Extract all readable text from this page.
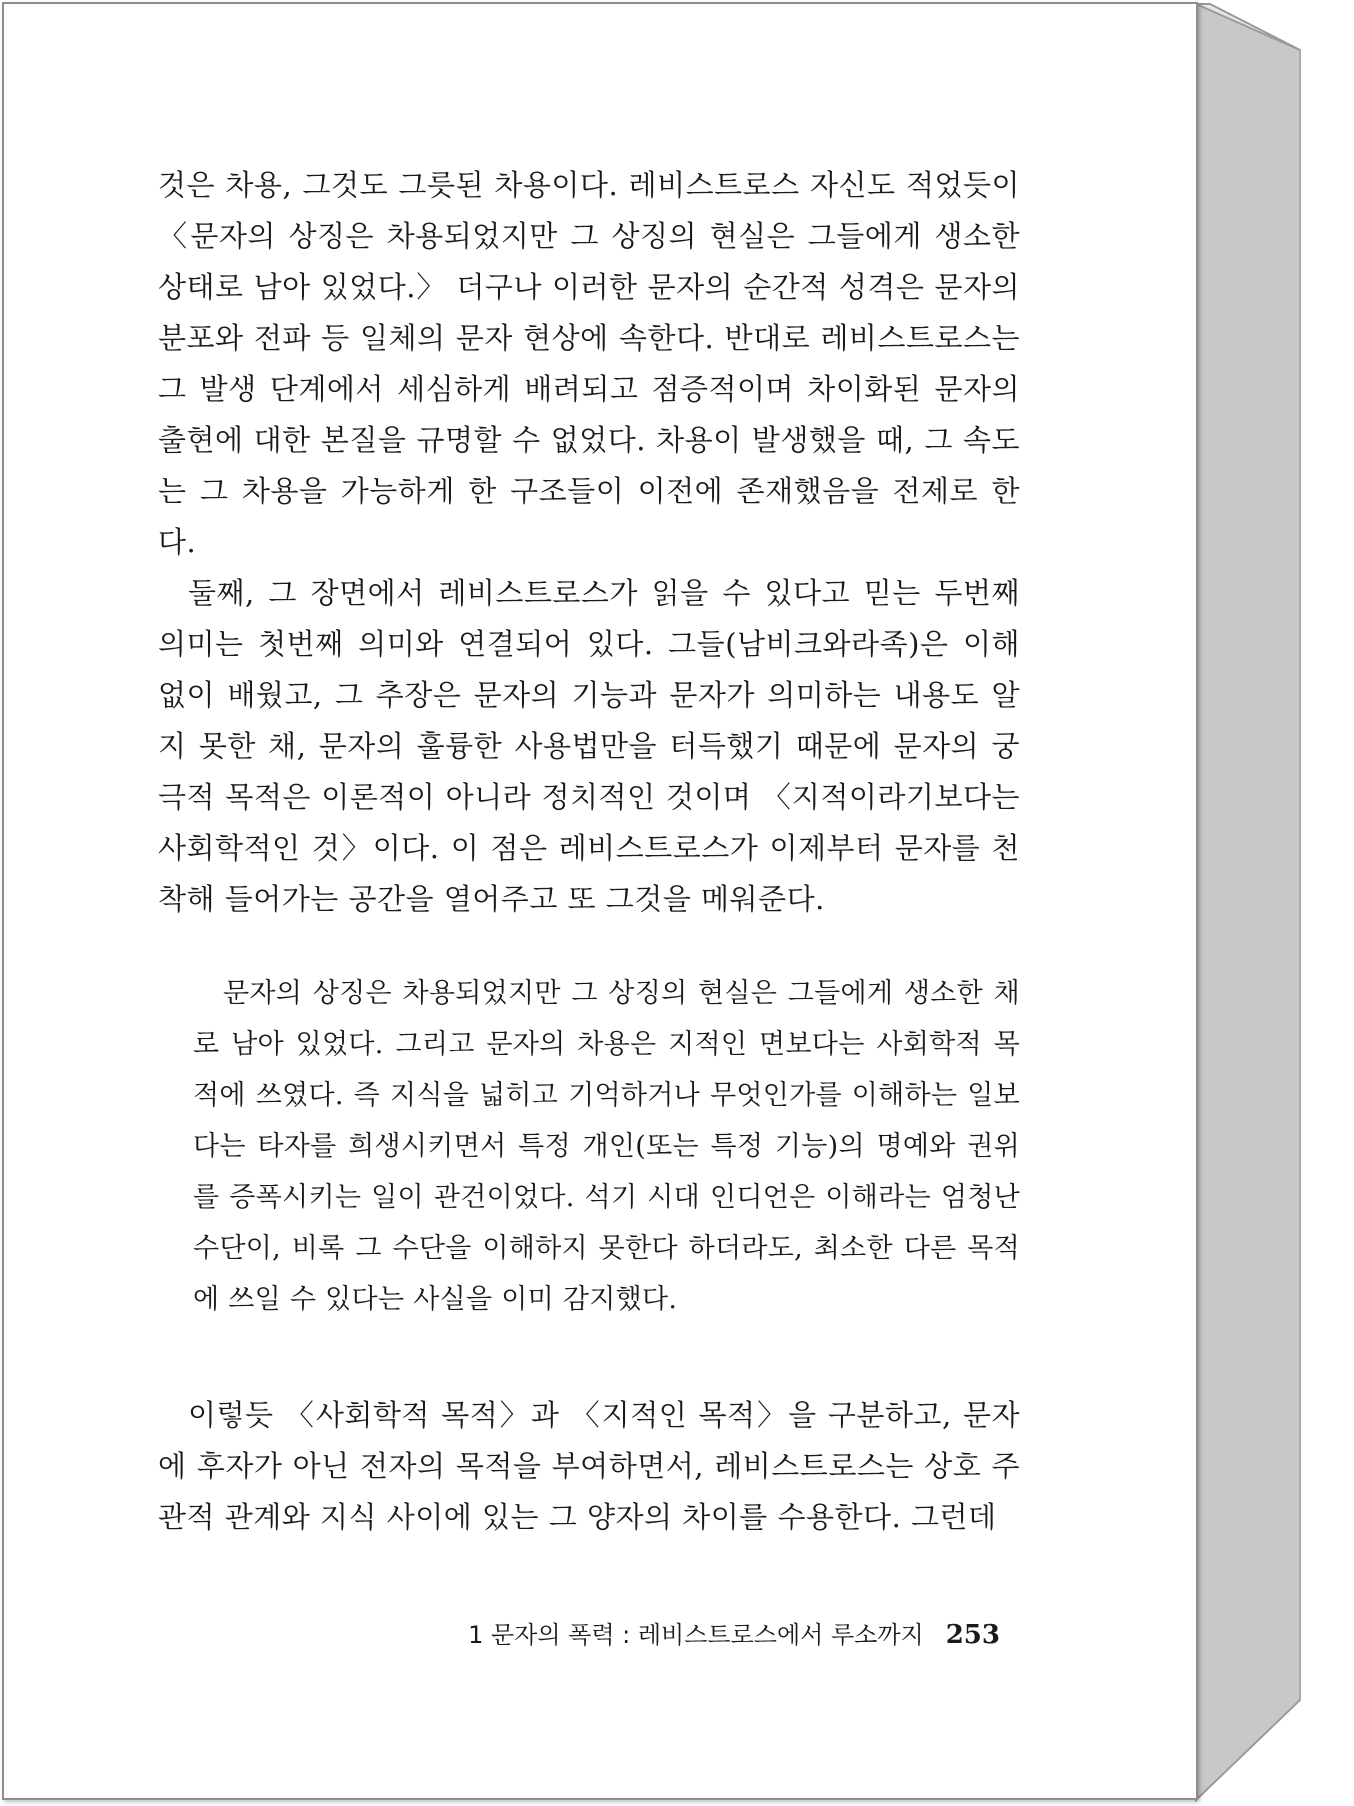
것은 차용, 그것도 그릇된 차용이다. 레비스트로스 자신도 적었듯이 〈문자의 상징은 차용되었지만 그 상징의 현실은 그들에게 생소한 상태로 남아 있었다.〉 더구나 이러한 문자의 순간적 성격은 문자의 분포와 전파 등 일체의 문자 현상에 속한다. 반대로 레비스트로스는 그 발생 단계에서 세심하게 배려되고 점증적이며 차이화된 문자의 출현에 대한 본질을 규명할 수 없었다. 차용이 발생했을 때, 그 속도는 그 차용을 가능하게 한 구조들이 이전에 존재했음을 전제로 한다.

둘째, 그 장면에서 레비스트로스가 읽을 수 있다고 믿는 두번째 의미는 첫번째 의미와 연결되어 있다. 그들(남비크와라족)은 이해 없이 배웠고, 그 추장은 문자의 기능과 문자가 의미하는 내용도 알지 못한 채, 문자의 훌륭한 사용법만을 터득했기 때문에 문자의 궁극적 목적은 이론적이 아니라 정치적인 것이며 〈지적이라기보다는 사회학적인 것〉이다. 이 점은 레비스트로스가 이제부터 문자를 천착해 들어가는 공간을 열어주고 또 그것을 메워준다.

문자의 상징은 차용되었지만 그 상징의 현실은 그들에게 생소한 채로 남아 있었다. 그리고 문자의 차용은 지적인 면보다는 사회학적 목적에 쓰였다. 즉 지식을 넓히고 기억하거나 무엇인가를 이해하는 일보다는 타자를 희생시키면서 특정 개인(또는 특정 기능)의 명예와 권위를 증폭시키는 일이 관건이었다. 석기 시대 인디언은 이해라는 엄청난 수단이, 비록 그 수단을 이해하지 못한다 하더라도, 최소한 다른 목적에 쓰일 수 있다는 사실을 이미 감지했다.

이렇듯 〈사회학적 목적〉과 〈지적인 목적〉을 구분하고, 문자에 후자가 아닌 전자의 목적을 부여하면서, 레비스트로스는 상호 주관적 관계와 지식 사이에 있는 그 양자의 차이를 수용한다. 그런데

1 문자의 폭력 : 레비스트로스에서 루소까지 253
